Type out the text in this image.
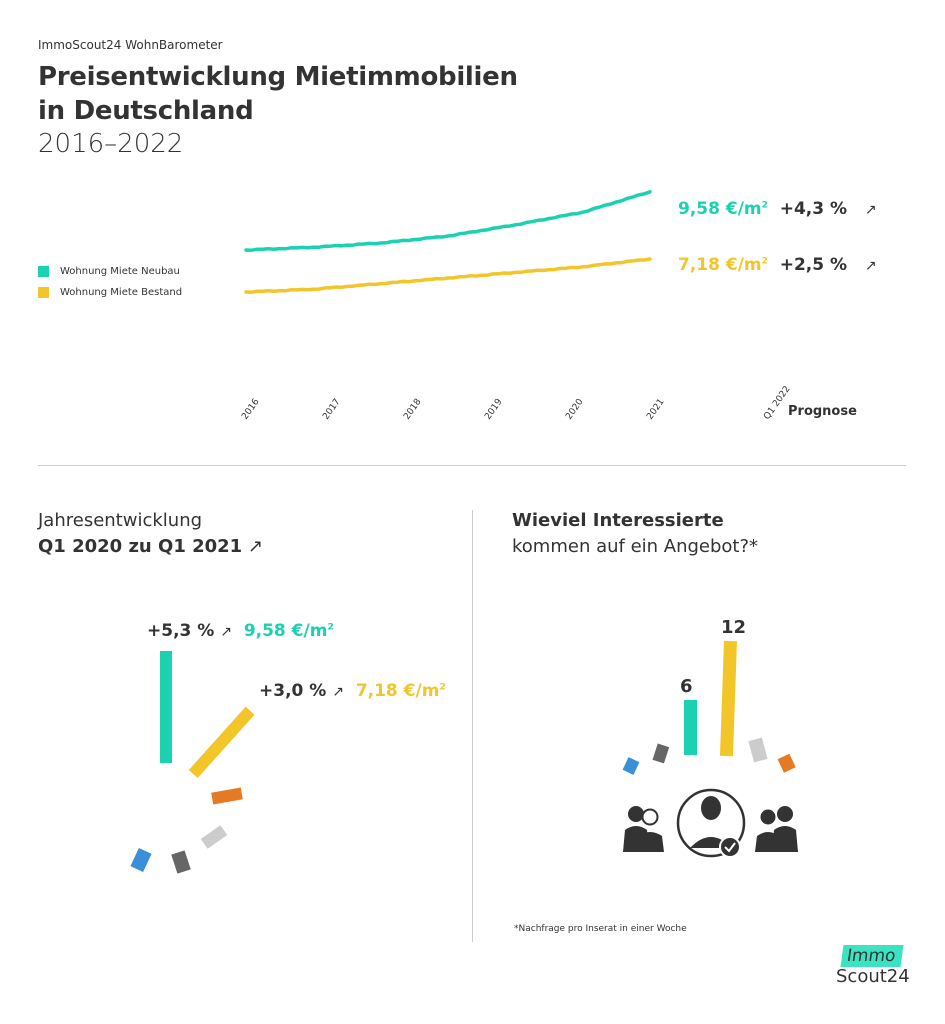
ImmoScout24 WohnBarometer
Preisentwicklung Mietimmobilien
in Deutschland
2016–2022
Wohnung Miete Neubau
Wohnung Miete Bestand
2016	2017	2018	2019	2020	2021	Q1 2022
9,58 $€/m^2 +4,3$ % ↗
7,18 $€/m^2 +2,5$ % ↗
Prognose
Jahresentwicklung
Q1 2020 zu Q1 2021 ↗
+5,3 % ↗ 9,58 $€/m^2$
+3,0 % ↗ 7,18 $€/m^2$
Wieviel Interessierte
kommen auf ein Angebot?*
6
12
*Nachfrage pro Inserat in einer Woche
Immo
Scout24
